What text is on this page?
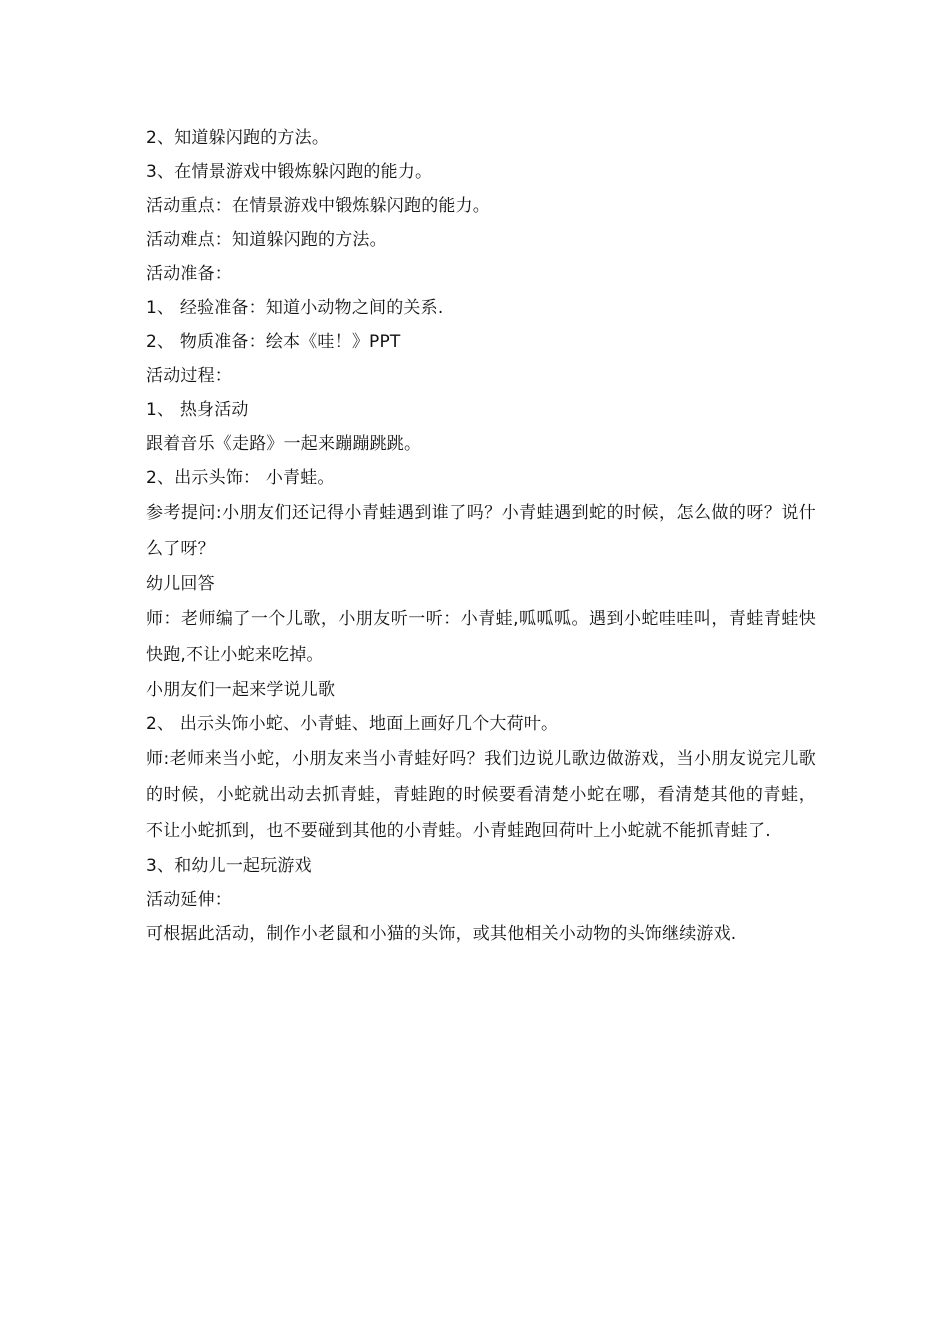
2、知道躲闪跑的方法。
3、在情景游戏中锻炼躲闪跑的能力。
活动重点：在情景游戏中锻炼躲闪跑的能力。
活动难点：知道躲闪跑的方法。
活动准备：
1、 经验准备：知道小动物之间的关系.
2、 物质准备：绘本《哇！》PPT
活动过程：
1、 热身活动
跟着音乐《走路》一起来蹦蹦跳跳。
2、出示头饰： 小青蛙。
参考提问:小朋友们还记得小青蛙遇到谁了吗？小青蛙遇到蛇的时候，怎么做的呀？说什么了呀？
幼儿回答
师：老师编了一个儿歌，小朋友听一听：小青蛙,呱呱呱。遇到小蛇哇哇叫，青蛙青蛙快快跑,不让小蛇来吃掉。
小朋友们一起来学说儿歌
2、 出示头饰小蛇、小青蛙、地面上画好几个大荷叶。
师:老师来当小蛇，小朋友来当小青蛙好吗？我们边说儿歌边做游戏，当小朋友说完儿歌的时候，小蛇就出动去抓青蛙，青蛙跑的时候要看清楚小蛇在哪，看清楚其他的青蛙，不让小蛇抓到，也不要碰到其他的小青蛙。小青蛙跑回荷叶上小蛇就不能抓青蛙了.
3、和幼儿一起玩游戏
活动延伸：
可根据此活动，制作小老鼠和小猫的头饰，或其他相关小动物的头饰继续游戏.
